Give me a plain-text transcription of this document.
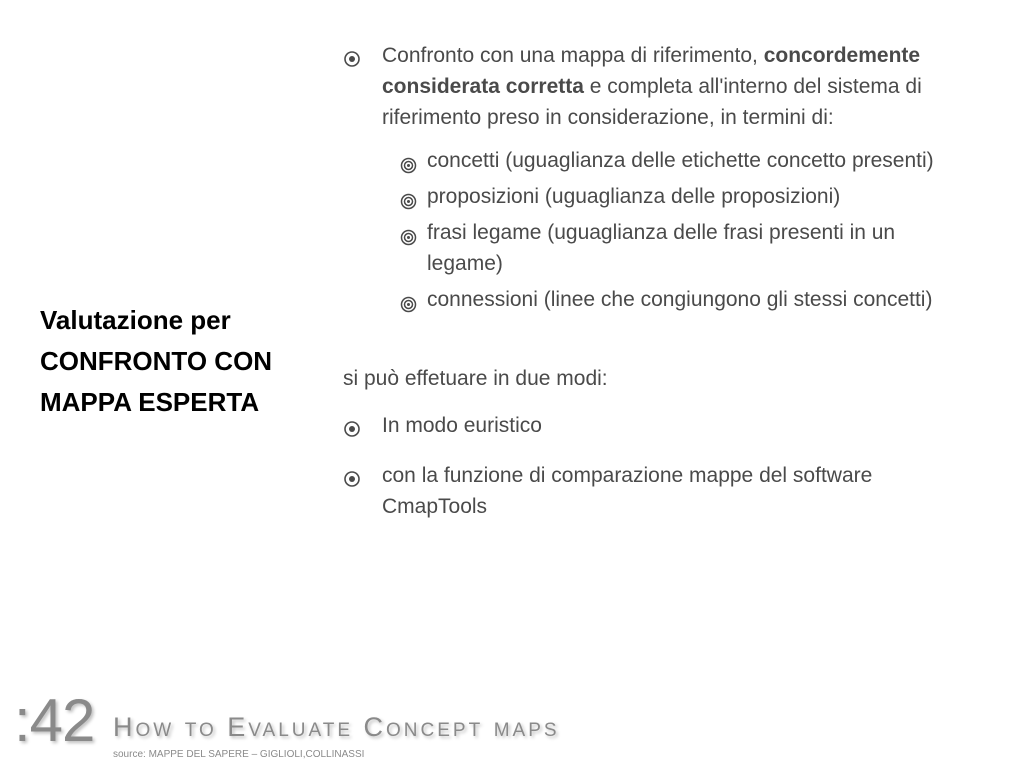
Valutazione per
CONFRONTO CON
MAPPA ESPERTA
Confronto con una mappa di riferimento, concordemente considerata corretta e completa all'interno del sistema di riferimento preso in considerazione, in termini di:
concetti (uguaglianza delle etichette concetto presenti)
proposizioni (uguaglianza delle proposizioni)
frasi legame (uguaglianza delle frasi presenti in un legame)
connessioni (linee che congiungono gli stessi concetti)
si può effetuare in due modi:
In modo euristico
con la funzione di comparazione mappe del software CmapTools
:42 How to Evaluate Concept maps
source: MAPPE DEL SAPERE – GIGLIOLI,COLLINASSI
